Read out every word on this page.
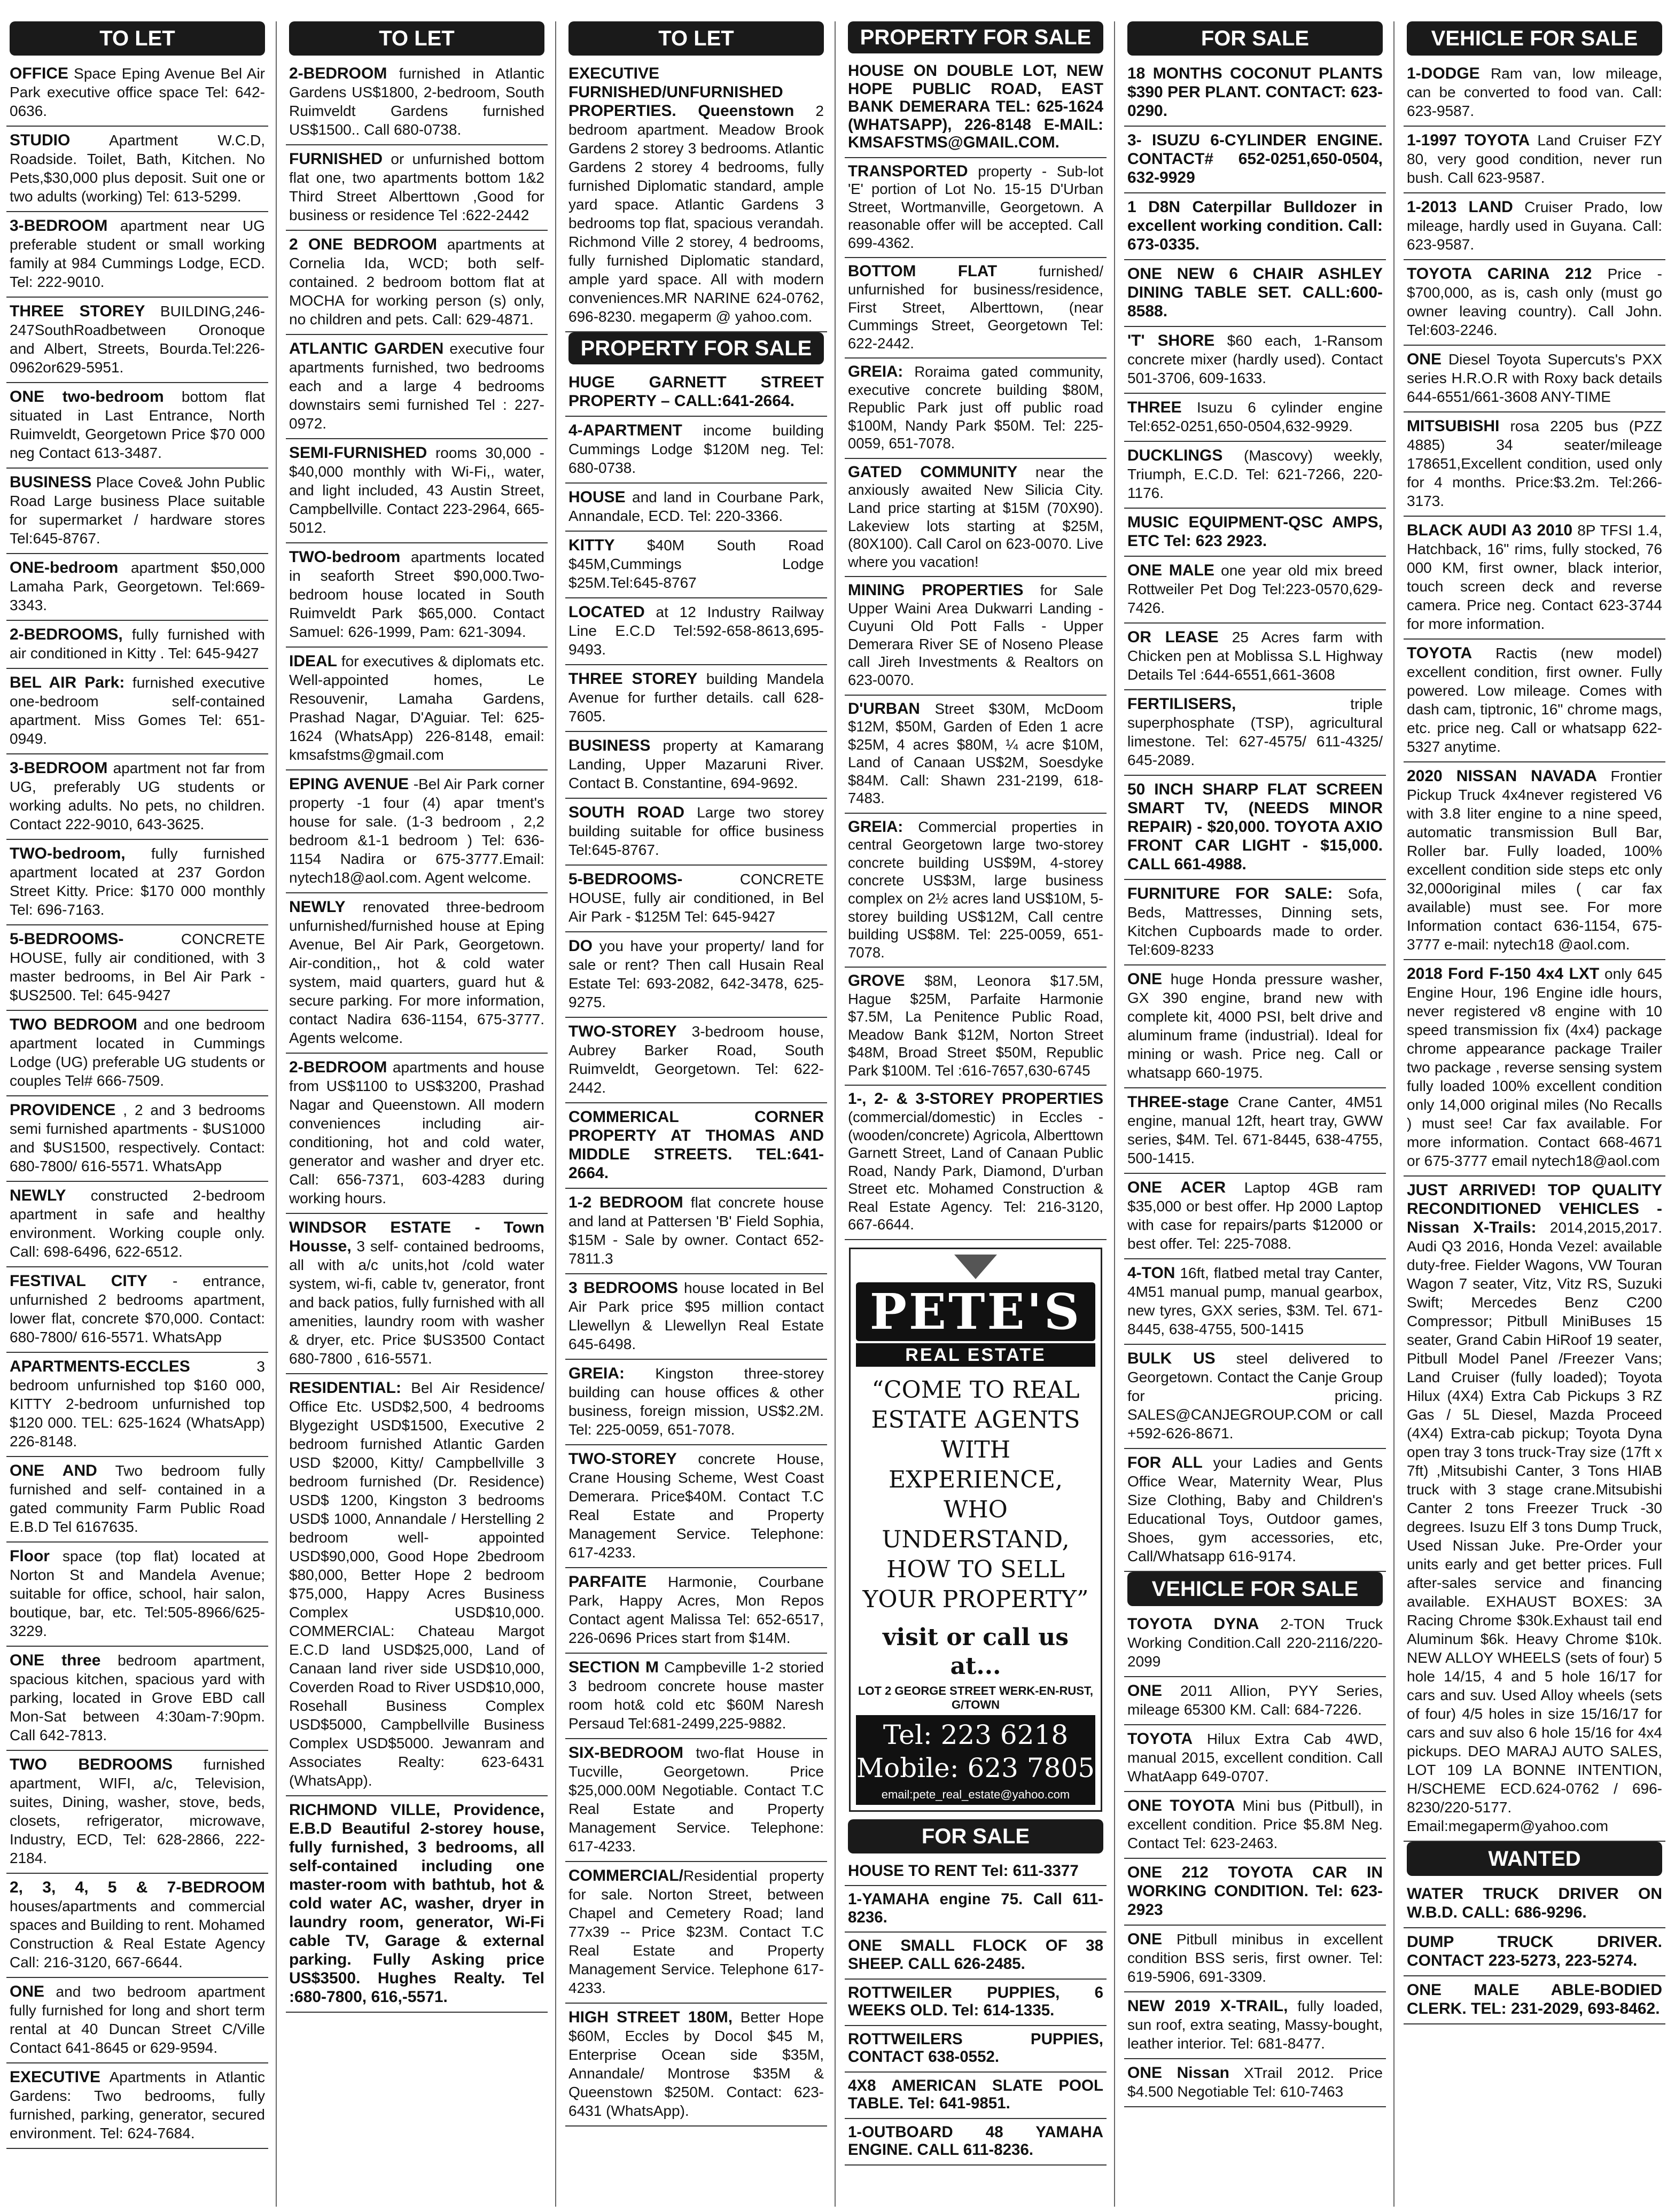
TO LET
OFFICE Space Eping Avenue Bel Air Park executive office space Tel: 642-0636.
STUDIO Apartment W.C.D, Roadside. Toilet, Bath, Kitchen. No Pets,$30,000 plus deposit. Suit one or two adults (working) Tel: 613-5299.
3-BEDROOM apartment near UG preferable student or small working family at 984 Cummings Lodge, ECD. Tel: 222-9010.
THREE STOREY BUILDING,246-247SouthRoadbetween Oronoque and Albert, Streets, Bourda.Tel:226-0962or629-5951.
ONE two-bedroom bottom flat situated in Last Entrance, North Ruimveldt, Georgetown Price $70 000 neg Contact 613-3487.
BUSINESS Place Cove& John Public Road Large business Place suitable for supermarket / hardware stores Tel:645-8767.
ONE-bedroom apartment $50,000 Lamaha Park, Georgetown. Tel:669-3343.
2-BEDROOMS, fully furnished with air conditioned in Kitty . Tel: 645-9427
BEL AIR Park: furnished executive one-bedroom self-contained apartment. Miss Gomes Tel: 651-0949.
3-BEDROOM apartment not far from UG, preferably UG students or working adults. No pets, no children. Contact 222-9010, 643-3625.
TWO-bedroom, fully furnished apartment located at 237 Gordon Street Kitty. Price: $170 000 monthly Tel: 696-7163.
5-BEDROOMS- CONCRETE HOUSE, fully air conditioned, with 3 master bedrooms, in Bel Air Park - $US2500. Tel: 645-9427
TWO BEDROOM and one bedroom apartment located in Cummings Lodge (UG) preferable UG students or couples Tel# 666-7509.
PROVIDENCE , 2 and 3 bedrooms semi furnished apartments - $US1000 and $US1500, respectively. Contact: 680-7800/ 616-5571. WhatsApp
NEWLY constructed 2-bedroom apartment in safe and healthy environment. Working couple only. Call: 698-6496, 622-6512.
FESTIVAL CITY - entrance, unfurnished 2 bedrooms apartment, lower flat, concrete $70,000. Contact: 680-7800/ 616-5571. WhatsApp
APARTMENTS-ECCLES 3 bedroom unfurnished top $160 000, KITTY 2-bedroom unfurnished top $120 000. TEL: 625-1624 (WhatsApp) 226-8148.
ONE AND Two bedroom fully furnished and self- contained in a gated community Farm Public Road E.B.D Tel 6167635.
Floor space (top flat) located at Norton St and Mandela Avenue; suitable for office, school, hair salon, boutique, bar, etc. Tel:505-8966/625-3229.
ONE three bedroom apartment, spacious kitchen, spacious yard with parking, located in Grove EBD call Mon-Sat between 4:30am-7:90pm. Call 642-7813.
TWO BEDROOMS furnished apartment, WIFI, a/c, Television, suites, Dining, washer, stove, beds, closets, refrigerator, microwave, Industry, ECD, Tel: 628-2866, 222-2184.
2, 3, 4, 5 & 7-BEDROOM houses/apartments and commercial spaces and Building to rent. Mohamed Construction & Real Estate Agency Call: 216-3120, 667-6644.
ONE and two bedroom apartment fully furnished for long and short term rental at 40 Duncan Street C/Ville Contact 641-8645 or 629-9594.
EXECUTIVE Apartments in Atlantic Gardens: Two bedrooms, fully furnished, parking, generator, secured environment. Tel: 624-7684.
TO LET
2-BEDROOM furnished in Atlantic Gardens US$1800, 2-bedroom, South Ruimveldt Gardens furnished US$1500.. Call 680-0738.
FURNISHED or unfurnished bottom flat one, two apartments bottom 1&2 Third Street Alberttown ,Good for business or residence Tel :622-2442
2 ONE BEDROOM apartments at Cornelia Ida, WCD; both self-contained. 2 bedroom bottom flat at MOCHA for working person (s) only, no children and pets. Call: 629-4871.
ATLANTIC GARDEN executive four apartments furnished, two bedrooms each and a large 4 bedrooms downstairs semi furnished Tel : 227-0972.
SEMI-FURNISHED rooms 30,000 - $40,000 monthly with Wi-Fi,, water, and light included, 43 Austin Street, Campbellville. Contact 223-2964, 665-5012.
TWO-bedroom apartments located in seaforth Street $90,000.Two-bedroom house located in South Ruimveldt Park $65,000. Contact Samuel: 626-1999, Pam: 621-3094.
IDEAL for executives & diplomats etc. Well-appointed homes, Le Resouvenir, Lamaha Gardens, Prashad Nagar, D'Aguiar. Tel: 625-1624 (WhatsApp) 226-8148, email: kmsafstms@gmail.com
EPING AVENUE -Bel Air Park corner property -1 four (4) apar tment's house for sale. (1-3 bedroom , 2,2 bedroom &1-1 bedroom ) Tel: 636-1154 Nadira or 675-3777.Email: nytech18@aol.com. Agent welcome.
NEWLY renovated three-bedroom unfurnished/furnished house at Eping Avenue, Bel Air Park, Georgetown. Air-condition,, hot & cold water system, maid quarters, guard hut & secure parking. For more information, contact Nadira 636-1154, 675-3777. Agents welcome.
2-BEDROOM apartments and house from US$1100 to US$3200, Prashad Nagar and Queenstown. All modern conveniences including air-conditioning, hot and cold water, generator and washer and dryer etc. Call: 656-7371, 603-4283 during working hours.
WINDSOR ESTATE - Town Housse, 3 self- contained bedrooms, all with a/c units,hot /cold water system, wi-fi, cable tv, generator, front and back patios, fully furnished with all amenities, laundry room with washer & dryer, etc. Price $US3500 Contact 680-7800 , 616-5571.
RESIDENTIAL: Bel Air Residence/ Office Etc. USD$2,500, 4 bedrooms Blygezight USD$1500, Executive 2 bedroom furnished Atlantic Garden USD $2000, Kitty/ Campbellville 3 bedroom furnished (Dr. Residence) USD$ 1200, Kingston 3 bedrooms USD$ 1000, Annandale / Herstelling 2 bedroom well- appointed USD$90,000, Good Hope 2bedroom $80,000, Better Hope 2 bedroom $75,000, Happy Acres Business Complex USD$10,000. COMMERCIAL: Chateau Margot E.C.D land USD$25,000, Land of Canaan land river side USD$10,000, Coverden Road to River USD$10,000, Rosehall Business Complex USD$5000, Campbellville Business Complex USD$5000. Jewanram and Associates Realty: 623-6431 (WhatsApp).
RICHMOND VILLE, Providence, E.B.D Beautiful 2-storey house, fully furnished, 3 bedrooms, all self-contained including one master-room with bathtub, hot & cold water AC, washer, dryer in laundry room, generator, Wi-Fi cable TV, Garage & external parking. Fully Asking price US$3500. Hughes Realty. Tel :680-7800, 616,-5571.
TO LET
EXECUTIVE FURNISHED/UNFURNISHED PROPERTIES. Queenstown 2 bedroom apartment. Meadow Brook Gardens 2 storey 3 bedrooms. Atlantic Gardens 2 storey 4 bedrooms, fully furnished Diplomatic standard, ample yard space. Atlantic Gardens 3 bedrooms top flat, spacious verandah. Richmond Ville 2 storey, 4 bedrooms, fully furnished Diplomatic standard, ample yard space. All with modern conveniences.MR NARINE 624-0762, 696-8230. megaperm @ yahoo.com.
PROPERTY FOR SALE
HUGE GARNETT STREET PROPERTY – CALL:641-2664.
4-APARTMENT income building Cummings Lodge $120M neg. Tel: 680-0738.
HOUSE and land in Courbane Park, Annandale, ECD. Tel: 220-3366.
KITTY $40M South Road $45M,Cummings Lodge $25M.Tel:645-8767
LOCATED at 12 Industry Railway Line E.C.D Tel:592-658-8613,695-9493.
THREE STOREY building Mandela Avenue for further details. call 628-7605.
BUSINESS property at Kamarang Landing, Upper Mazaruni River. Contact B. Constantine, 694-9692.
SOUTH ROAD Large two storey building suitable for office business Tel:645-8767.
5-BEDROOMS- CONCRETE HOUSE, fully air conditioned, in Bel Air Park - $125M Tel: 645-9427
DO you have your property/ land for sale or rent? Then call Husain Real Estate Tel: 693-2082, 642-3478, 625-9275.
TWO-STOREY 3-bedroom house, Aubrey Barker Road, South Ruimveldt, Georgetown. Tel: 622-2442.
COMMERICAL CORNER PROPERTY AT THOMAS AND MIDDLE STREETS. TEL:641-2664.
1-2 BEDROOM flat concrete house and land at Pattersen 'B' Field Sophia, $15M - Sale by owner. Contact 652-7811.3
3 BEDROOMS house located in Bel Air Park price $95 million contact Llewellyn & Llewellyn Real Estate 645-6498.
GREIA: Kingston three-storey building can house offices & other business, foreign mission, US$2.2M. Tel: 225-0059, 651-7078.
TWO-STOREY concrete House, Crane Housing Scheme, West Coast Demerara. Price$40M. Contact T.C Real Estate and Property Management Service. Telephone: 617-4233.
PARFAITE Harmonie, Courbane Park, Happy Acres, Mon Repos Contact agent Malissa Tel: 652-6517, 226-0696 Prices start from $14M.
SECTION M Campbeville 1-2 storied 3 bedroom concrete house master room hot& cold etc $60M Naresh Persaud Tel:681-2499,225-9882.
SIX-BEDROOM two-flat House in Tucville, Georgetown. Price $25,000.00M Negotiable. Contact T.C Real Estate and Property Management Service. Telephone: 617-4233.
COMMERCIAL/Residential property for sale. Norton Street, between Chapel and Cemetery Road; land 77x39 -- Price $23M. Contact T.C Real Estate and Property Management Service. Telephone 617-4233.
HIGH STREET 180M, Better Hope $60M, Eccles by Docol $45 M, Enterprise Ocean side $35M, Annandale/ Montrose $35M & Queenstown $250M. Contact: 623-6431 (WhatsApp).
PROPERTY FOR SALE
HOUSE ON DOUBLE LOT, NEW HOPE PUBLIC ROAD, EAST BANK DEMERARA TEL: 625-1624 (WHATSAPP), 226-8148 E-MAIL: KMSAFSTMS@GMAIL.COM.
TRANSPORTED property - Sub-lot 'E' portion of Lot No. 15-15 D'Urban Street, Wortmanville, Georgetown. A reasonable offer will be accepted. Call 699-4362.
BOTTOM FLAT furnished/ unfurnished for business/residence, First Street, Alberttown, (near Cummings Street, Georgetown Tel: 622-2442.
GREIA: Roraima gated community, executive concrete building $80M, Republic Park just off public road $100M, Nandy Park $50M. Tel: 225-0059, 651-7078.
GATED COMMUNITY near the anxiously awaited New Silicia City. Land price starting at $15M (70X90). Lakeview lots starting at $25M, (80X100). Call Carol on 623-0070. Live where you vacation!
MINING PROPERTIES for Sale Upper Waini Area Dukwarri Landing -Cuyuni Old Pott Falls - Upper Demerara River SE of Noseno Please call Jireh Investments & Realtors on 623-0070.
D'URBAN Street $30M, McDoom $12M, $50M, Garden of Eden 1 acre $25M, 4 acres $80M, ¼ acre $10M, Land of Canaan US$2M, Soesdyke $84M. Call: Shawn 231-2199, 618-7483.
GREIA: Commercial properties in central Georgetown large two-storey concrete building US$9M, 4-storey concrete US$3M, large business complex on 2½ acres land US$10M, 5-storey building US$12M, Call centre building US$8M. Tel: 225-0059, 651-7078.
GROVE $8M, Leonora $17.5M, Hague $25M, Parfaite Harmonie $7.5M, La Penitence Public Road, Meadow Bank $12M, Norton Street $48M, Broad Street $50M, Republic Park $100M. Tel :616-7657,630-6745
1-, 2- & 3-STOREY PROPERTIES (commercial/domestic) in Eccles - (wooden/concrete) Agricola, Alberttown Garnett Street, Land of Canaan Public Road, Nandy Park, Diamond, D'urban Street etc. Mohamed Construction & Real Estate Agency. Tel: 216-3120, 667-6644.
PETE'S
REAL ESTATE
“COME TO REAL ESTATE AGENTS WITH EXPERIENCE, WHO UNDERSTAND, HOW TO SELL YOUR PROPERTY”
visit or call us at...
LOT 2 GEORGE STREET WERK-EN-RUST, G/TOWN
Tel: 223 6218
Mobile: 623 7805
email:pete_real_estate@yahoo.com
FOR SALE
HOUSE TO RENT Tel: 611-3377
1-YAMAHA engine 75. Call 611-8236.
ONE SMALL FLOCK OF 38 SHEEP. CALL 626-2485.
ROTTWEILER PUPPIES, 6 WEEKS OLD. Tel: 614-1335.
ROTTWEILERS PUPPIES, CONTACT 638-0552.
4X8 AMERICAN SLATE POOL TABLE. Tel: 641-9851.
1-OUTBOARD 48 YAMAHA ENGINE. CALL 611-8236.
FOR SALE
18 MONTHS COCONUT PLANTS $390 PER PLANT. CONTACT: 623-0290.
3- ISUZU 6-CYLINDER ENGINE. CONTACT# 652-0251,650-0504, 632-9929
1 D8N Caterpillar Bulldozer in excellent working condition. Call: 673-0335.
ONE NEW 6 CHAIR ASHLEY DINING TABLE SET. CALL:600-8588.
'T' SHORE $60 each, 1-Ransom concrete mixer (hardly used). Contact 501-3706, 609-1633.
THREE Isuzu 6 cylinder engine Tel:652-0251,650-0504,632-9929.
DUCKLINGS (Mascovy) weekly, Triumph, E.C.D. Tel: 621-7266, 220-1176.
MUSIC EQUIPMENT-QSC AMPS, ETC Tel: 623 2923.
ONE MALE one year old mix breed Rottweiler Pet Dog Tel:223-0570,629-7426.
OR LEASE 25 Acres farm with Chicken pen at Moblissa S.L Highway Details Tel :644-6551,661-3608
FERTILISERS, triple superphosphate (TSP), agricultural limestone. Tel: 627-4575/ 611-4325/ 645-2089.
50 INCH SHARP FLAT SCREEN SMART TV, (NEEDS MINOR REPAIR) - $20,000. TOYOTA AXIO FRONT CAR LIGHT - $15,000. CALL 661-4988.
FURNITURE FOR SALE: Sofa, Beds, Mattresses, Dinning sets, Kitchen Cupboards made to order. Tel:609-8233
ONE huge Honda pressure washer, GX 390 engine, brand new with complete kit, 4000 PSI, belt drive and aluminum frame (industrial). Ideal for mining or wash. Price neg. Call or whatsapp 660-1975.
THREE-stage Crane Canter, 4M51 engine, manual 12ft, heart tray, GWW series, $4M. Tel. 671-8445, 638-4755, 500-1415.
ONE ACER Laptop 4GB ram $35,000 or best offer. Hp 2000 Laptop with case for repairs/parts $12000 or best offer. Tel: 225-7088.
4-TON 16ft, flatbed metal tray Canter, 4M51 manual pump, manual gearbox, new tyres, GXX series, $3M. Tel. 671-8445, 638-4755, 500-1415
BULK US steel delivered to Georgetown. Contact the Canje Group for pricing. SALES@CANJEGROUP.COM or call +592-626-8671.
FOR ALL your Ladies and Gents Office Wear, Maternity Wear, Plus Size Clothing, Baby and Children's Educational Toys, Outdoor games, Shoes, gym accessories, etc, Call/Whatsapp 616-9174.
VEHICLE FOR SALE
TOYOTA DYNA 2-TON Truck Working Condition.Call 220-2116/220-2099
ONE 2011 Allion, PYY Series, mileage 65300 KM. Call: 684-7226.
TOYOTA Hilux Extra Cab 4WD, manual 2015, excellent condition. Call WhatAapp 649-0707.
ONE TOYOTA Mini bus (Pitbull), in excellent condition. Price $5.8M Neg. Contact Tel: 623-2463.
ONE 212 TOYOTA CAR IN WORKING CONDITION. Tel: 623-2923
ONE Pitbull minibus in excellent condition BSS seris, first owner. Tel: 619-5906, 691-3309.
NEW 2019 X-TRAIL, fully loaded, sun roof, extra seating, Massy-bought, leather interior. Tel: 681-8477.
ONE Nissan XTrail 2012. Price $4.500 Negotiable Tel: 610-7463
VEHICLE FOR SALE
1-DODGE Ram van, low mileage, can be converted to food van. Call: 623-9587.
1-1997 TOYOTA Land Cruiser FZY 80, very good condition, never run bush. Call 623-9587.
1-2013 LAND Cruiser Prado, low mileage, hardly used in Guyana. Call: 623-9587.
TOYOTA CARINA 212 Price - $700,000, as is, cash only (must go owner leaving country). Call John. Tel:603-2246.
ONE Diesel Toyota Supercuts's PXX series H.R.O.R with Roxy back details 644-6551/661-3608 ANY-TIME
MITSUBISHI rosa 2205 bus (PZZ 4885) 34 seater/mileage 178651,Excellent condition, used only for 4 months. Price:$3.2m. Tel:266-3173.
BLACK AUDI A3 2010 8P TFSI 1.4, Hatchback, 16" rims, fully stocked, 76 000 KM, first owner, black interior, touch screen deck and reverse camera. Price neg. Contact 623-3744 for more information.
TOYOTA Ractis (new model) excellent condition, first owner. Fully powered. Low mileage. Comes with dash cam, tiptronic, 16" chrome mags, etc. price neg. Call or whatsapp 622-5327 anytime.
2020 NISSAN NAVADA Frontier Pickup Truck 4x4never registered V6 with 3.8 liter engine to a nine speed, automatic transmission Bull Bar, Roller bar. Fully loaded, 100% excellent condition side steps etc only 32,000original miles ( car fax available) must see. For more Information contact 636-1154, 675-3777 e-mail: nytech18 @aol.com.
2018 Ford F-150 4x4 LXT only 645 Engine Hour, 196 Engine idle hours, never registered v8 engine with 10 speed transmission fix (4x4) package chrome appearance package Trailer two package , reverse sensing system fully loaded 100% excellent condition only 14,000 original miles (No Recalls ) must see! Car fax available. For more information. Contact 668-4671 or 675-3777 email nytech18@aol.com
JUST ARRIVED! TOP QUALITY RECONDITIONED VEHICLES - Nissan X-Trails: 2014,2015,2017. Audi Q3 2016, Honda Vezel: available duty-free. Fielder Wagons, VW Touran Wagon 7 seater, Vitz, Vitz RS, Suzuki Swift; Mercedes Benz C200 Compressor; Pitbull MiniBuses 15 seater, Grand Cabin HiRoof 19 seater, Pitbull Model Panel /Freezer Vans; Land Cruiser (fully loaded); Toyota Hilux (4X4) Extra Cab Pickups 3 RZ Gas / 5L Diesel, Mazda Proceed (4X4) Extra-cab pickup; Toyota Dyna open tray 3 tons truck-Tray size (17ft x 7ft) ,Mitsubishi Canter, 3 Tons HIAB truck with 3 stage crane.Mitsubishi Canter 2 tons Freezer Truck -30 degrees. Isuzu Elf 3 tons Dump Truck, Used Nissan Juke. Pre-Order your units early and get better prices. Full after-sales service and financing available. EXHAUST BOXES: 3A Racing Chrome $30k.Exhaust tail end Aluminum $6k. Heavy Chrome $10k. NEW ALLOY WHEELS (sets of four) 5 hole 14/15, 4 and 5 hole 16/17 for cars and suv. Used Alloy wheels (sets of four) 4/5 holes in size 15/16/17 for cars and suv also 6 hole 15/16 for 4x4 pickups. DEO MARAJ AUTO SALES, LOT 109 LA BONNE INTENTION, H/SCHEME ECD.624-0762 / 696-8230/220-5177. Email:megaperm@yahoo.com
WANTED
WATER TRUCK DRIVER ON W.B.D. CALL: 686-9296.
DUMP TRUCK DRIVER. CONTACT 223-5273, 223-5274.
ONE MALE ABLE-BODIED CLERK. TEL: 231-2029, 693-8462.
